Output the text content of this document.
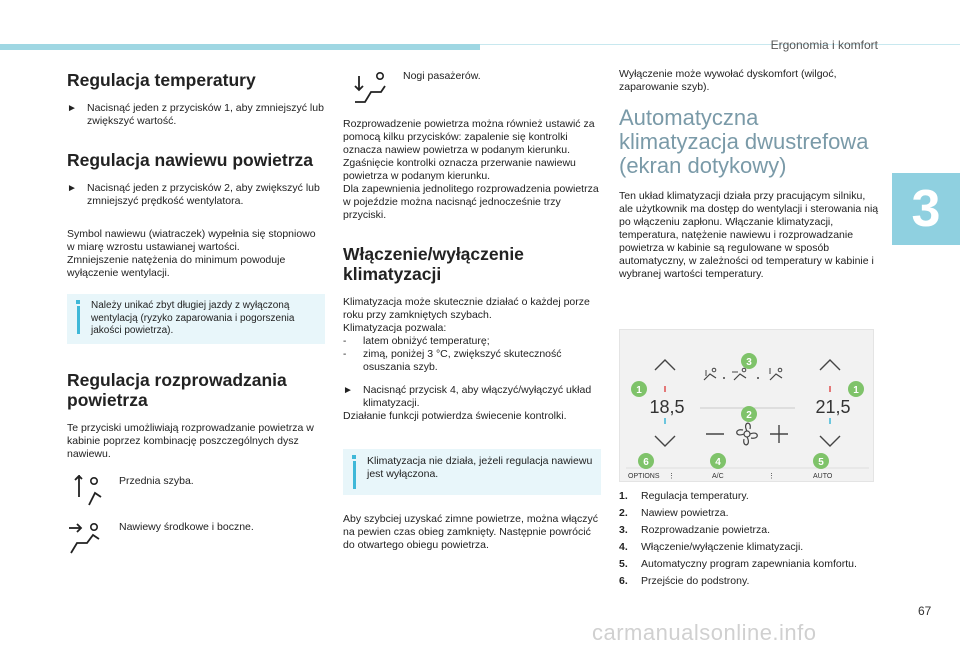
Ergonomia i komfort
3
67
carmanualsonline.info
Regulacja temperatury
► Nacisnąć jeden z przycisków 1, aby zmniejszyć lub zwiększyć wartość.
Regulacja nawiewu powietrza
► Nacisnąć jeden z przycisków 2, aby zwiększyć lub zmniejszyć prędkość wentylatora.
Symbol nawiewu (wiatraczek) wypełnia się stopniowo w miarę wzrostu ustawianej wartości.
Zmniejszenie natężenia do minimum powoduje wyłączenie wentylacji.
Należy unikać zbyt długiej jazdy z wyłączoną wentylacją (ryzyko zaparowania i pogorszenia jakości powietrza).
Regulacja rozprowadzania powietrza
Te przyciski umożliwiają rozprowadzanie powietrza w kabinie poprzez kombinację poszczególnych dysz nawiewu.
Przednia szyba.
Nawiewy środkowe i boczne.
Nogi pasażerów.
Rozprowadzenie powietrza można również ustawić za pomocą kilku przycisków: zapalenie się kontrolki oznacza nawiew powietrza w podanym kierunku. Zgaśnięcie kontrolki oznacza przerwanie nawiewu powietrza w podanym kierunku.
Dla zapewnienia jednolitego rozprowadzenia powietrza w pojeździe można nacisnąć jednocześnie trzy przyciski.
Włączenie/wyłączenie klimatyzacji
Klimatyzacja może skutecznie działać o każdej porze roku przy zamkniętych szybach.
Klimatyzacja pozwala:
-	latem obniżyć temperaturę;
-	zimą, poniżej 3 °C, zwiększyć skuteczność osuszania szyb.
► Nacisnąć przycisk 4, aby włączyć/wyłączyć układ klimatyzacji.
Działanie funkcji potwierdza świecenie kontrolki.
Klimatyzacja nie działa, jeżeli regulacja nawiewu jest wyłączona.
Aby szybciej uzyskać zimne powietrze, można włączyć na pewien czas obieg zamknięty. Następnie powrócić do otwartego obiegu powietrza.
Wyłączenie może wywołać dyskomfort (wilgoć, zaparowanie szyb).
Automatyczna klimatyzacja dwustrefowa (ekran dotykowy)
Ten układ klimatyzacji działa przy pracującym silniku, ale użytkownik ma dostęp do wentylacji i sterowania nią po włączeniu zapłonu. Włączanie klimatyzacji, temperatura, natężenie nawiewu i rozprowadzanie powietrza w kabinie są regulowane w sposób automatyczny, w zależności od temperatury w kabinie i wybranej wartości temperatury.
18,5	21,5
OPTIONS ⋮	A/C	⋮	AUTO
1	1
2
3
4	5
6
1.	Regulacja temperatury.
2.	Nawiew powietrza.
3.	Rozprowadzanie powietrza.
4.	Włączenie/wyłączenie klimatyzacji.
5.	Automatyczny program zapewniania komfortu.
6.	Przejście do podstrony.
